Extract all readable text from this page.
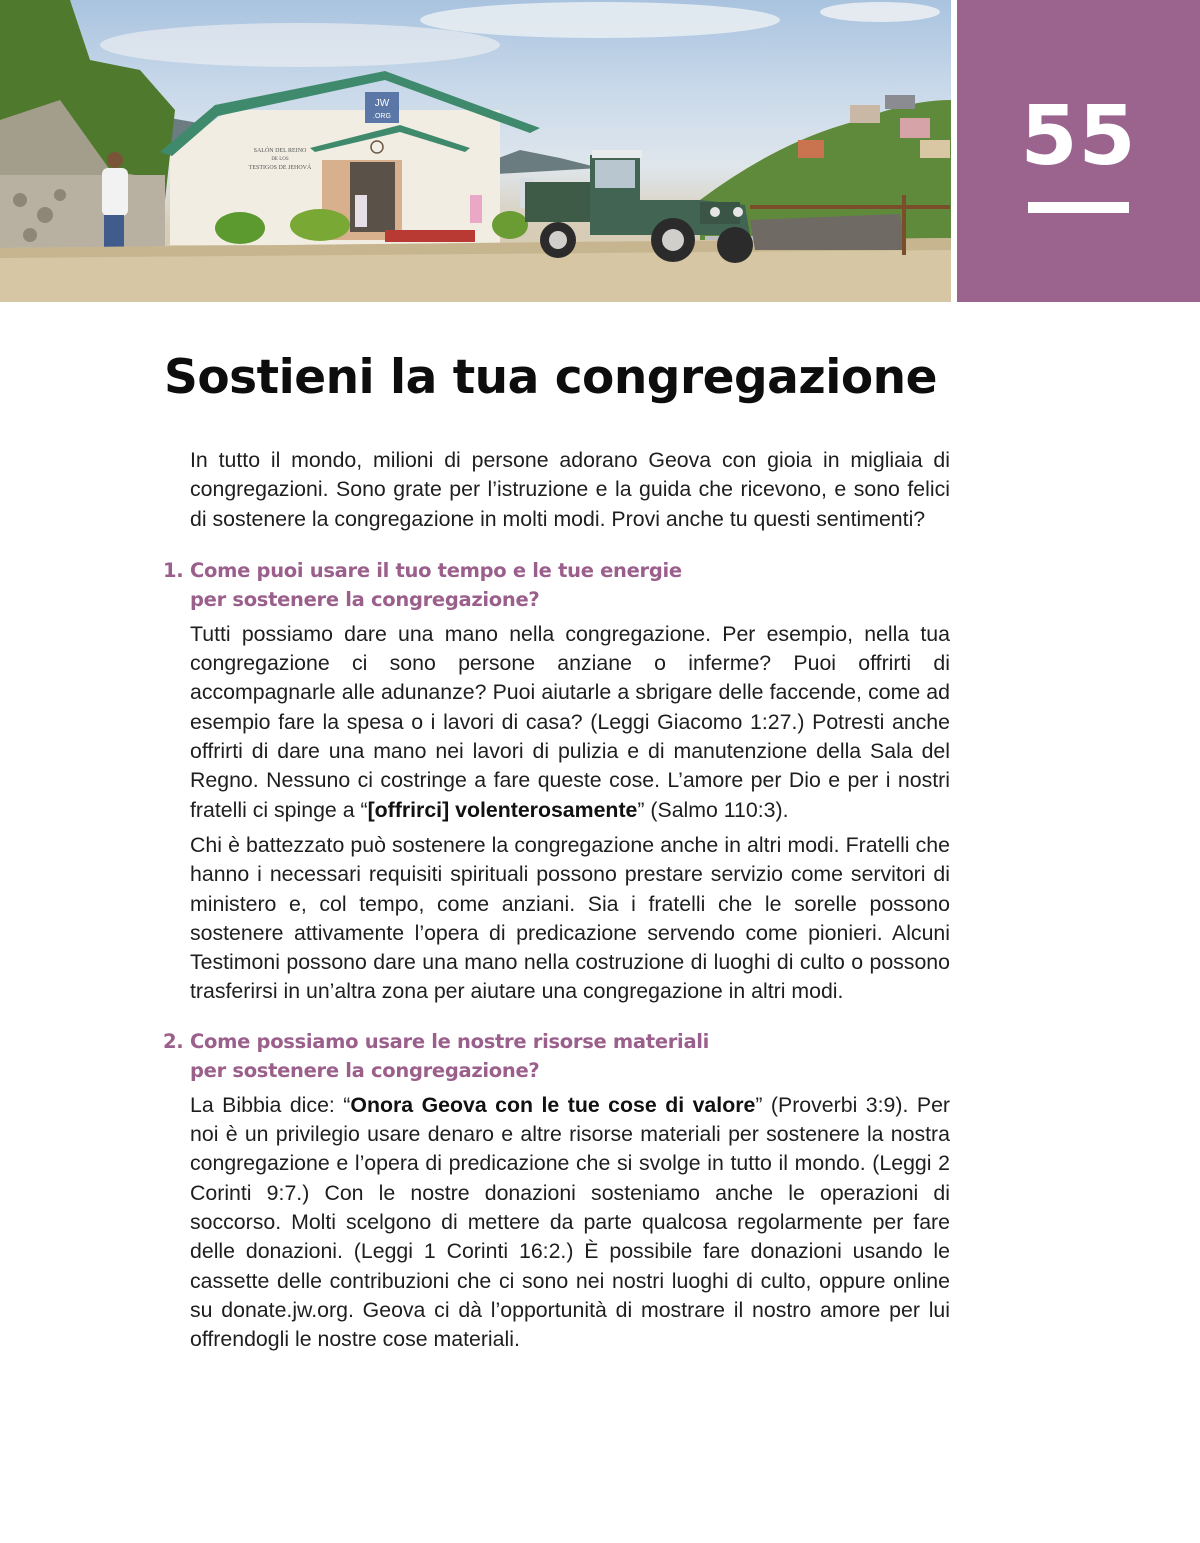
JW
.ORG
SALÓN DEL REINO
DE LOS
TESTIGOS DE JEHOVÁ	55
Sostieni la tua congregazione

In tutto il mondo, milioni di persone adorano Geova con gioia in migliaia di congregazioni. Sono grate per l’istruzione e la guida che ricevono, e sono felici di sostenere la congregazione in molti modi. Provi anche tu questi sentimenti?

1. Come puoi usare il tuo tempo e le tue energie
per sostenere la congregazione?

Tutti possiamo dare una mano nella congregazione. Per esempio, nella tua congregazione ci sono persone anziane o inferme? Puoi offrirti di accompagnarle alle adunanze? Puoi aiutarle a sbrigare delle faccende, come ad esempio fare la spesa o i lavori di casa? (Leggi Giacomo 1:27.) Potresti anche offrirti di dare una mano nei lavori di pulizia e di manutenzione della Sala del Regno. Nessuno ci costringe a fare queste cose. L’amore per Dio e per i nostri fratelli ci spinge a “[offrirci] volenterosamente” (Salmo 110:3).

Chi è battezzato può sostenere la congregazione anche in altri modi. Fratelli che hanno i necessari requisiti spirituali possono prestare servizio come servitori di ministero e, col tempo, come anziani. Sia i fratelli che le sorelle possono sostenere attivamente l’opera di predicazione servendo come pionieri. Alcuni Testimoni possono dare una mano nella costruzione di luoghi di culto o possono trasferirsi in un’altra zona per aiutare una congregazione in altri modi.

2. Come possiamo usare le nostre risorse materiali
per sostenere la congregazione?

La Bibbia dice: “Onora Geova con le tue cose di valore” (Proverbi 3:9). Per noi è un privilegio usare denaro e altre risorse materiali per sostenere la nostra congregazione e l’opera di predicazione che si svolge in tutto il mondo. (Leggi 2 Corinti 9:7.) Con le nostre donazioni sosteniamo anche le operazioni di soccorso. Molti scelgono di mettere da parte qualcosa regolarmente per fare delle donazioni. (Leggi 1 Corinti 16:2.) È possibile fare donazioni usando le cassette delle contribuzioni che ci sono nei nostri luoghi di culto, oppure online su donate.jw.org. Geova ci dà l’opportunità di mostrare il nostro amore per lui offrendogli le nostre cose materiali.
